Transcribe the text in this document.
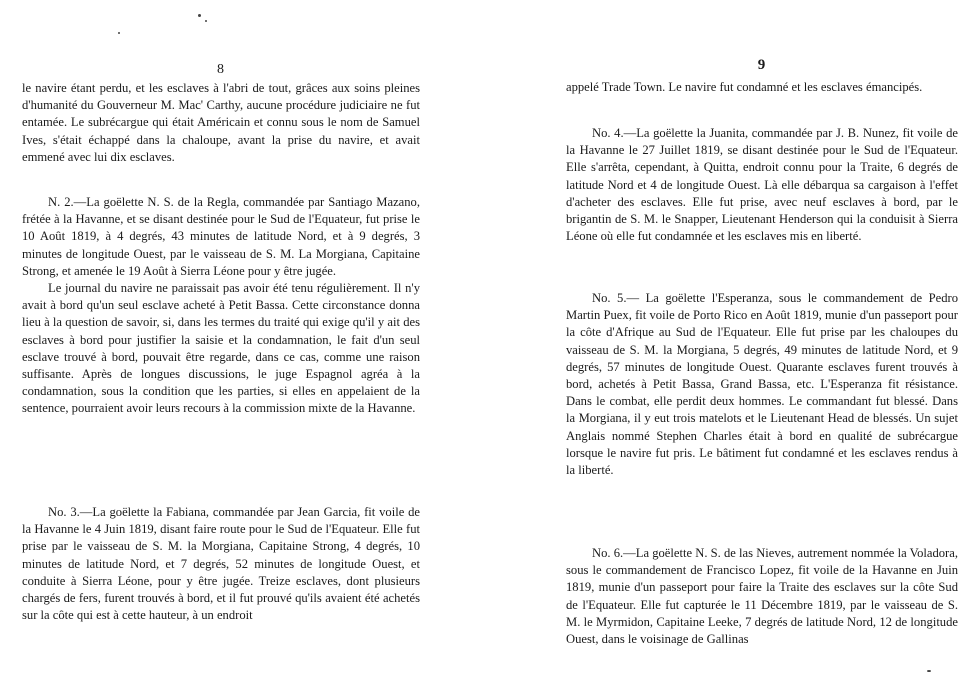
8

le navire étant perdu, et les esclaves à l'abri de tout, grâces aux soins pleines d'humanité du Gouverneur M. Mac' Carthy, aucune procédure judiciaire ne fut entamée. Le subrécargue qui était Américain et connu sous le nom de Samuel Ives, s'était échappé dans la chaloupe, avant la prise du navire, et avait emmené avec lui dix esclaves.

N. 2.—La goëlette N. S. de la Regla, commandée par Santiago Mazano, frétée à la Havanne, et se disant destinée pour le Sud de l'Equateur, fut prise le 10 Août 1819, à 4 degrés, 43 minutes de latitude Nord, et à 9 degrés, 3 minutes de longitude Ouest, par le vaisseau de S. M. La Morgiana, Capitaine Strong, et amenée le 19 Août à Sierra Léone pour y être jugée.

Le journal du navire ne paraissait pas avoir été tenu régulièrement. Il n'y avait à bord qu'un seul esclave acheté à Petit Bassa. Cette circonstance donna lieu à la question de savoir, si, dans les termes du traité qui exige qu'il y ait des esclaves à bord pour justifier la saisie et la condamnation, le fait d'un seul esclave trouvé à bord, pouvait être regarde, dans ce cas, comme une raison suffisante. Après de longues discussions, le juge Espagnol agréa à la condamnation, sous la condition que les parties, si elles en appelaient de la sentence, pourraient avoir leurs recours à la commission mixte de la Havanne.

No. 3.—La goëlette la Fabiana, commandée par Jean Garcia, fit voile de la Havanne le 4 Juin 1819, disant faire route pour le Sud de l'Equateur. Elle fut prise par le vaisseau de S. M. la Morgiana, Capitaine Strong, 4 degrés, 10 minutes de latitude Nord, et 7 degrés, 52 minutes de longitude Ouest, et conduite à Sierra Léone, pour y être jugée. Treize esclaves, dont plusieurs chargés de fers, furent trouvés à bord, et il fut prouvé qu'ils avaient été achetés sur la côte qui est à cette hauteur, à un endroit

9

appelé Trade Town. Le navire fut condamné et les esclaves émancipés.

No. 4.—La goëlette la Juanita, commandée par J. B. Nunez, fit voile de la Havanne le 27 Juillet 1819, se disant destinée pour le Sud de l'Equateur. Elle s'arrêta, cependant, à Quitta, endroit connu pour la Traite, 6 degrés de latitude Nord et 4 de longitude Ouest. Là elle débarqua sa cargaison à l'effet d'acheter des esclaves. Elle fut prise, avec neuf esclaves à bord, par le brigantin de S. M. le Snapper, Lieutenant Henderson qui la conduisit à Sierra Léone où elle fut condamnée et les esclaves mis en liberté.

No. 5.— La goëlette l'Esperanza, sous le commandement de Pedro Martin Puex, fit voile de Porto Rico en Août 1819, munie d'un passeport pour la côte d'Afrique au Sud de l'Equateur. Elle fut prise par les chaloupes du vaisseau de S. M. la Morgiana, 5 degrés, 49 minutes de latitude Nord, et 9 degrés, 57 minutes de longitude Ouest. Quarante esclaves furent trouvés à bord, achetés à Petit Bassa, Grand Bassa, etc. L'Esperanza fit résistance. Dans le combat, elle perdit deux hommes. Le commandant fut blessé. Dans la Morgiana, il y eut trois matelots et le Lieutenant Head de blessés. Un sujet Anglais nommé Stephen Charles était à bord en qualité de subrécargue lorsque le navire fut pris. Le bâtiment fut condamné et les esclaves rendus à la liberté.

No. 6.—La goëlette N. S. de las Nieves, autrement nommée la Voladora, sous le commandement de Francisco Lopez, fit voile de la Havanne en Juin 1819, munie d'un passeport pour faire la Traite des esclaves sur la côte Sud de l'Equateur. Elle fut capturée le 11 Décembre 1819, par le vaisseau de S. M. le Myrmidon, Capitaine Leeke, 7 degrés de latitude Nord, 12 de longitude Ouest, dans le voisinage de Gallinas
